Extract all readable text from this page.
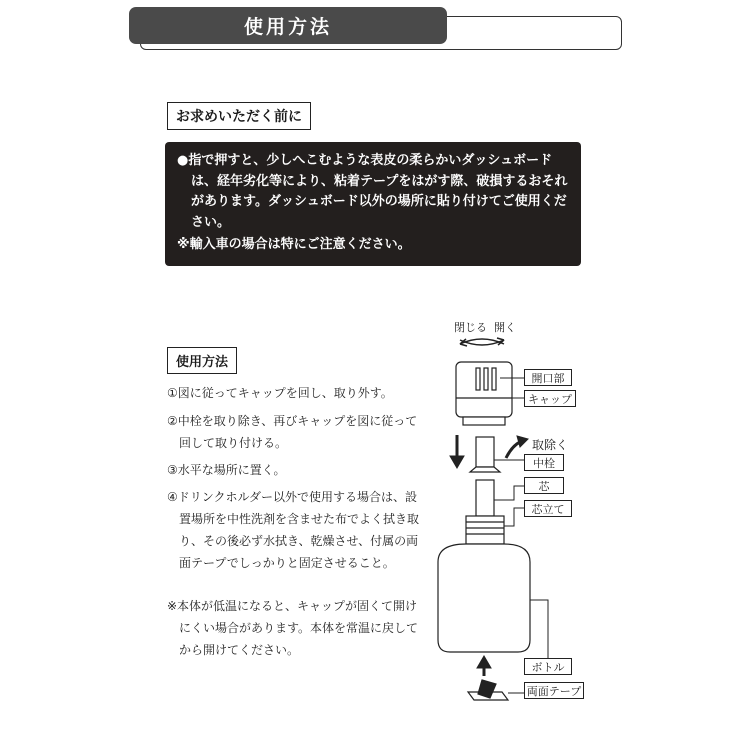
使用方法
お求めいただく前に

●指で押すと、少しへこむような表皮の柔らかいダッシュボードは、経年劣化等により、粘着テープをはがす際、破損するおそれがあります。ダッシュボード以外の場所に貼り付けてご使用ください。

※輸入車の場合は特にご注意ください。

使用方法

①図に従ってキャップを回し、取り外す。

②中栓を取り除き、再びキャップを図に従って回して取り付ける。

③水平な場所に置く。

④ドリンクホルダー以外で使用する場合は、設置場所を中性洗剤を含ませた布でよく拭き取り、その後必ず水拭き、乾燥させ、付属の両面テープでしっかりと固定させること。

※本体が低温になると、キャップが固くて開けにくい場合があります。本体を常温に戻してから開けてください。

閉じる 開く
取除く
開口部
キャップ
中栓
芯
芯立て
ボトル
両面テープ
